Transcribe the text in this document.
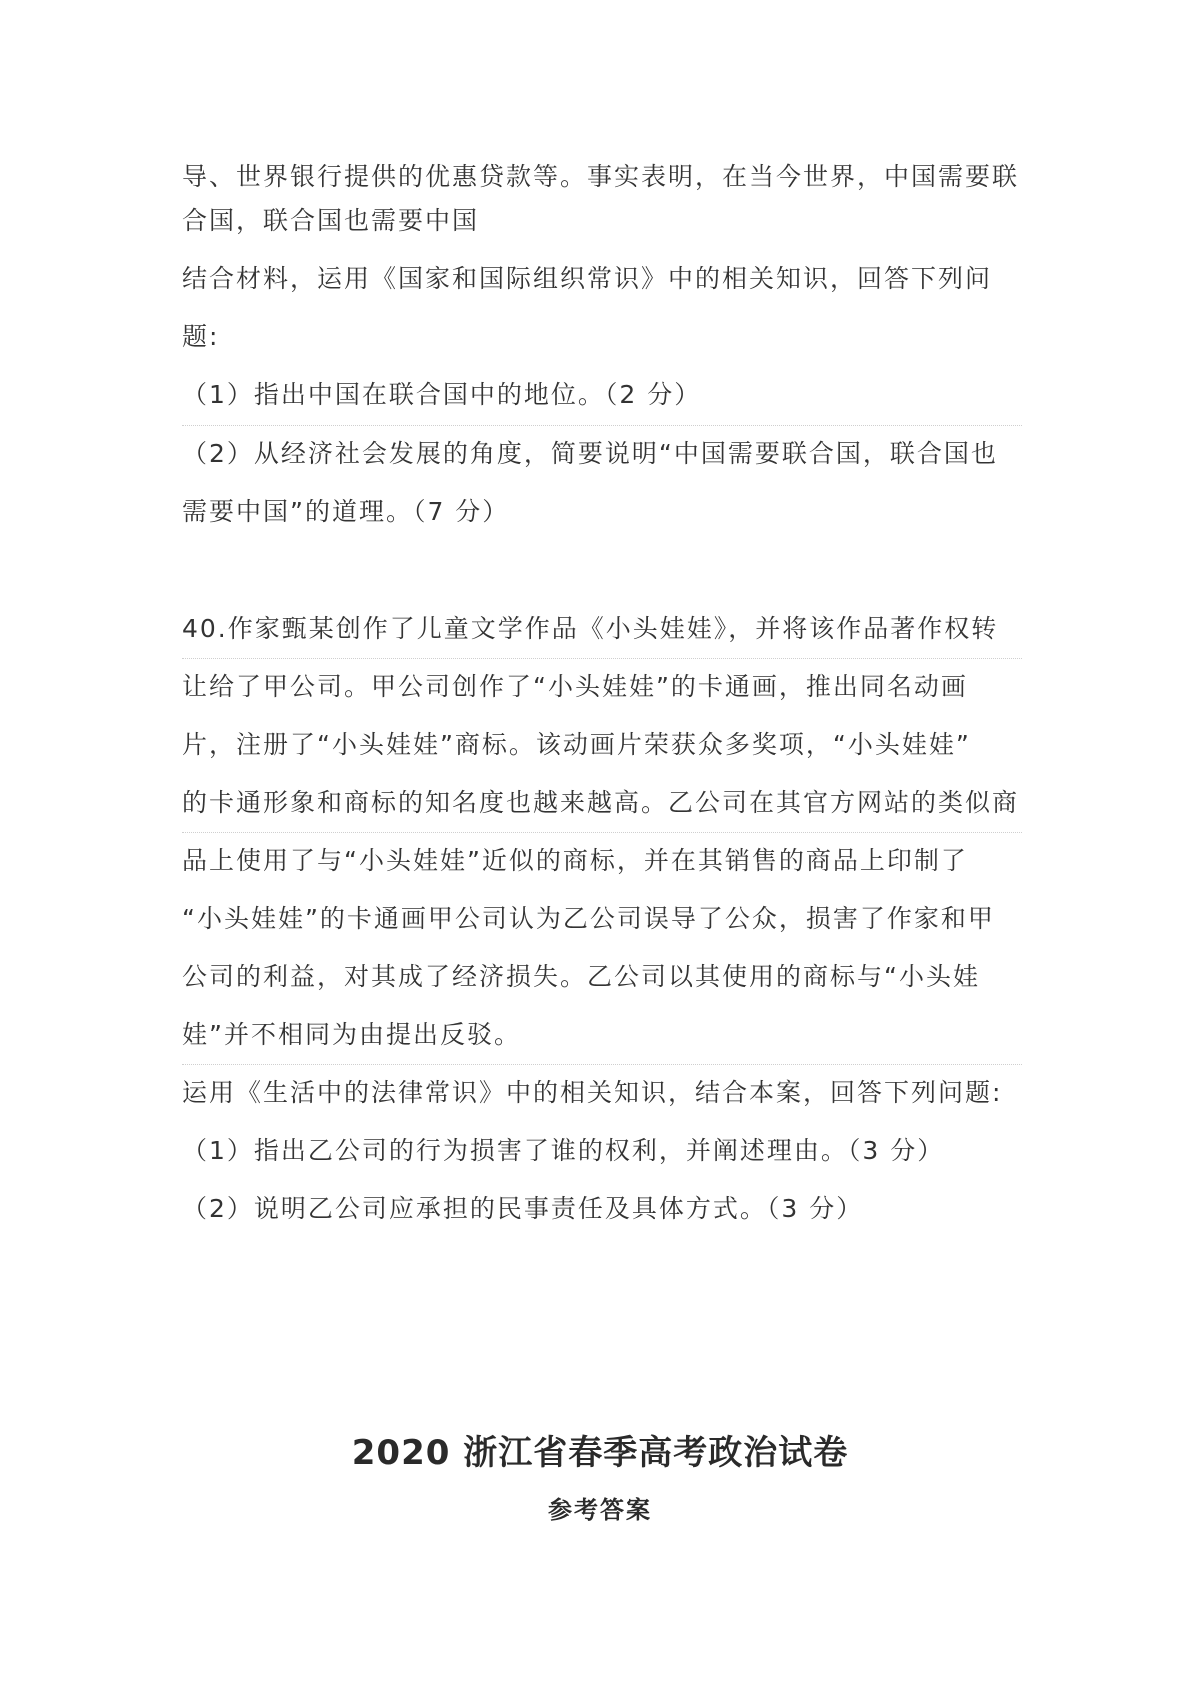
导、世界银行提供的优惠贷款等。事实表明，在当今世界，中国需要联
合国，联合国也需要中国
结合材料，运用《国家和国际组织常识》中的相关知识，回答下列问
题:
（1）指出中国在联合国中的地位。（2 分）
（2）从经济社会发展的角度，简要说明“中国需要联合国，联合国也
需要中国”的道理。（7 分）
40.作家甄某创作了儿童文学作品《小头娃娃》，并将该作品著作权转
让给了甲公司。甲公司创作了“小头娃娃”的卡通画，推出同名动画
片，注册了“小头娃娃”商标。该动画片荣获众多奖项，“小头娃娃”
的卡通形象和商标的知名度也越来越高。乙公司在其官方网站的类似商
品上使用了与“小头娃娃”近似的商标，并在其销售的商品上印制了
“小头娃娃”的卡通画甲公司认为乙公司误导了公众，损害了作家和甲
公司的利益，对其成了经济损失。乙公司以其使用的商标与“小头娃
娃”并不相同为由提出反驳。
运用《生活中的法律常识》中的相关知识，结合本案，回答下列问题:
（1）指出乙公司的行为损害了谁的权利，并阐述理由。（3 分）
（2）说明乙公司应承担的民事责任及具体方式。（3 分）
2020 浙江省春季高考政治试卷
参考答案
